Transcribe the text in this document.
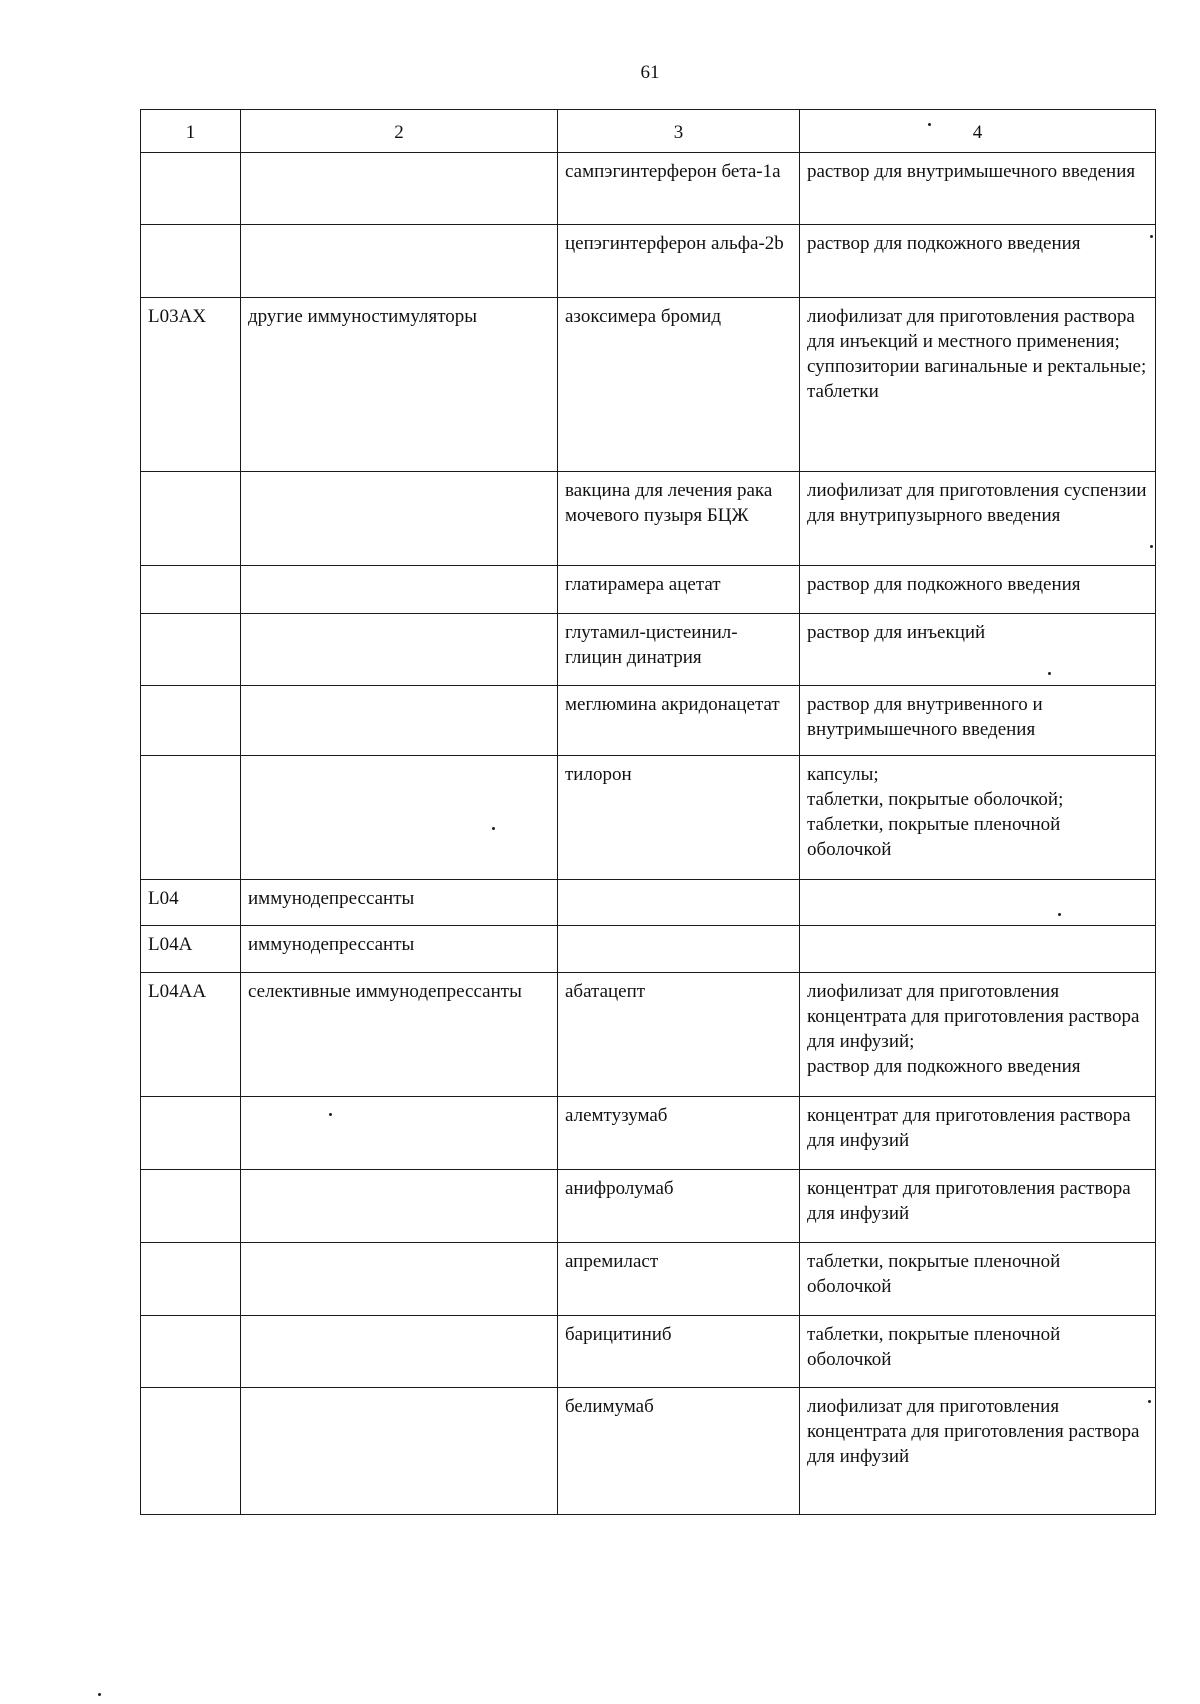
61
1	2	3	4
		сампэгинтерферон бета-1а	раствор для внутримышечного введения
		цепэгинтерферон альфа-2b	раствор для подкожного введения
L03AX	другие иммуностимуляторы	азоксимера бромид	лиофилизат для приготовления раствора для инъекций и местного применения;
суппозитории вагинальные и ректальные;
таблетки
		вакцина для лечения рака мочевого пузыря БЦЖ	лиофилизат для приготовления суспензии для внутрипузырного введения
		глатирамера ацетат	раствор для подкожного введения
		глутамил-цистеинил-глицин динатрия	раствор для инъекций
		меглюмина акридонацетат	раствор для внутривенного и внутримышечного введения
		тилорон	капсулы;
таблетки, покрытые оболочкой;
таблетки, покрытые пленочной оболочкой
L04	иммунодепрессанты		
L04A	иммунодепрессанты		
L04AA	селективные иммунодепрессанты	абатацепт	лиофилизат для приготовления концентрата для приготовления раствора для инфузий;
раствор для подкожного введения
		алемтузумаб	концентрат для приготовления раствора для инфузий
		анифролумаб	концентрат для приготовления раствора для инфузий
		апремиласт	таблетки, покрытые пленочной оболочкой
		барицитиниб	таблетки, покрытые пленочной оболочкой
		белимумаб	лиофилизат для приготовления концентрата для приготовления раствора для инфузий
